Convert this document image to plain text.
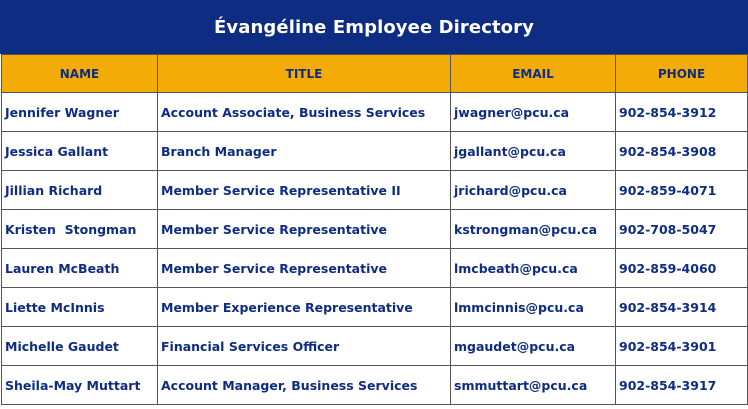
Évangéline Employee Directory
NAME	TITLE	EMAIL	PHONE
Jennifer Wagner	Account Associate, Business Services	jwagner@pcu.ca	902-854-3912
Jessica Gallant	Branch Manager	jgallant@pcu.ca	902-854-3908
Jillian Richard	Member Service Representative II	jrichard@pcu.ca	902-859-4071
Kristen  Stongman	Member Service Representative	kstrongman@pcu.ca	902-708-5047
Lauren McBeath	Member Service Representative	lmcbeath@pcu.ca	902-859-4060
Liette McInnis	Member Experience Representative	lmmcinnis@pcu.ca	902-854-3914
Michelle Gaudet	Financial Services Officer	mgaudet@pcu.ca	902-854-3901
Sheila-May Muttart	Account Manager, Business Services	smmuttart@pcu.ca	902-854-3917
